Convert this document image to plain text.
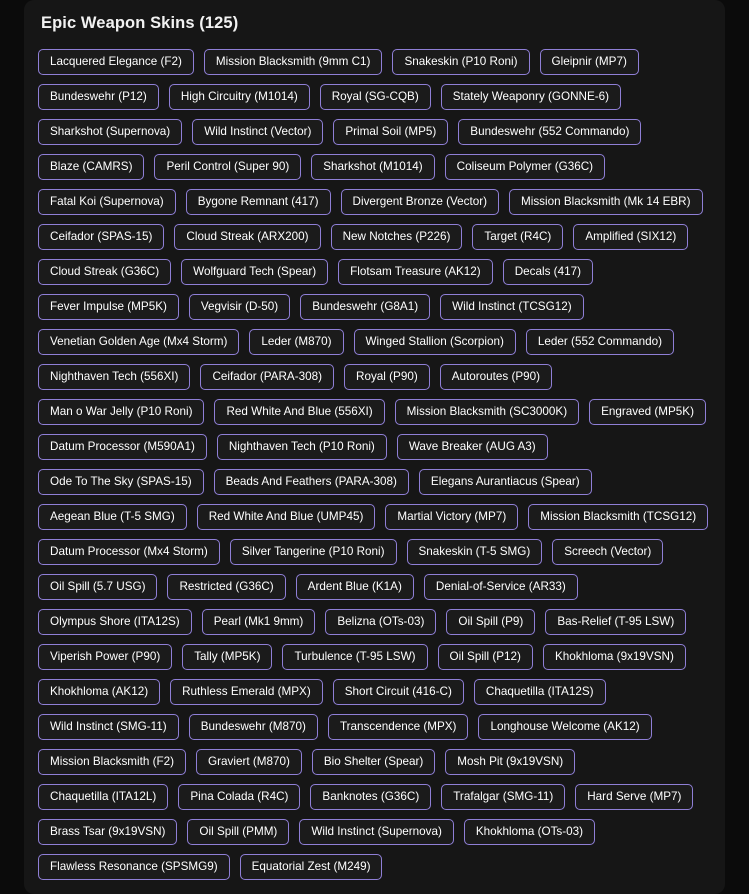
Epic Weapon Skins (125)
Lacquered Elegance (F2)	Mission Blacksmith (9mm C1)	Snakeskin (P10 Roni)	Gleipnir (MP7)
Bundeswehr (P12)	High Circuitry (M1014)	Royal (SG-CQB)	Stately Weaponry (GONNE-6)
Sharkshot (Supernova)	Wild Instinct (Vector)	Primal Soil (MP5)	Bundeswehr (552 Commando)
Blaze (CAMRS)	Peril Control (Super 90)	Sharkshot (M1014)	Coliseum Polymer (G36C)
Fatal Koi (Supernova)	Bygone Remnant (417)	Divergent Bronze (Vector)	Mission Blacksmith (Mk 14 EBR)
Ceifador (SPAS-15)	Cloud Streak (ARX200)	New Notches (P226)	Target (R4C)	Amplified (SIX12)
Cloud Streak (G36C)	Wolfguard Tech (Spear)	Flotsam Treasure (AK12)	Decals (417)
Fever Impulse (MP5K)	Vegvisir (D-50)	Bundeswehr (G8A1)	Wild Instinct (TCSG12)
Venetian Golden Age (Mx4 Storm)	Leder (M870)	Winged Stallion (Scorpion)	Leder (552 Commando)
Nighthaven Tech (556XI)	Ceifador (PARA-308)	Royal (P90)	Autoroutes (P90)
Man o War Jelly (P10 Roni)	Red White And Blue (556XI)	Mission Blacksmith (SC3000K)	Engraved (MP5K)
Datum Processor (M590A1)	Nighthaven Tech (P10 Roni)	Wave Breaker (AUG A3)
Ode To The Sky (SPAS-15)	Beads And Feathers (PARA-308)	Elegans Aurantiacus (Spear)
Aegean Blue (T-5 SMG)	Red White And Blue (UMP45)	Martial Victory (MP7)	Mission Blacksmith (TCSG12)
Datum Processor (Mx4 Storm)	Silver Tangerine (P10 Roni)	Snakeskin (T-5 SMG)	Screech (Vector)
Oil Spill (5.7 USG)	Restricted (G36C)	Ardent Blue (K1A)	Denial-of-Service (AR33)
Olympus Shore (ITA12S)	Pearl (Mk1 9mm)	Belizna (OTs-03)	Oil Spill (P9)	Bas-Relief (T-95 LSW)
Viperish Power (P90)	Tally (MP5K)	Turbulence (T-95 LSW)	Oil Spill (P12)	Khokhloma (9x19VSN)
Khokhloma (AK12)	Ruthless Emerald (MPX)	Short Circuit (416-C)	Chaquetilla (ITA12S)
Wild Instinct (SMG-11)	Bundeswehr (M870)	Transcendence (MPX)	Longhouse Welcome (AK12)
Mission Blacksmith (F2)	Graviert (M870)	Bio Shelter (Spear)	Mosh Pit (9x19VSN)
Chaquetilla (ITA12L)	Pina Colada (R4C)	Banknotes (G36C)	Trafalgar (SMG-11)	Hard Serve (MP7)
Brass Tsar (9x19VSN)	Oil Spill (PMM)	Wild Instinct (Supernova)	Khokhloma (OTs-03)
Flawless Resonance (SPSMG9)	Equatorial Zest (M249)
